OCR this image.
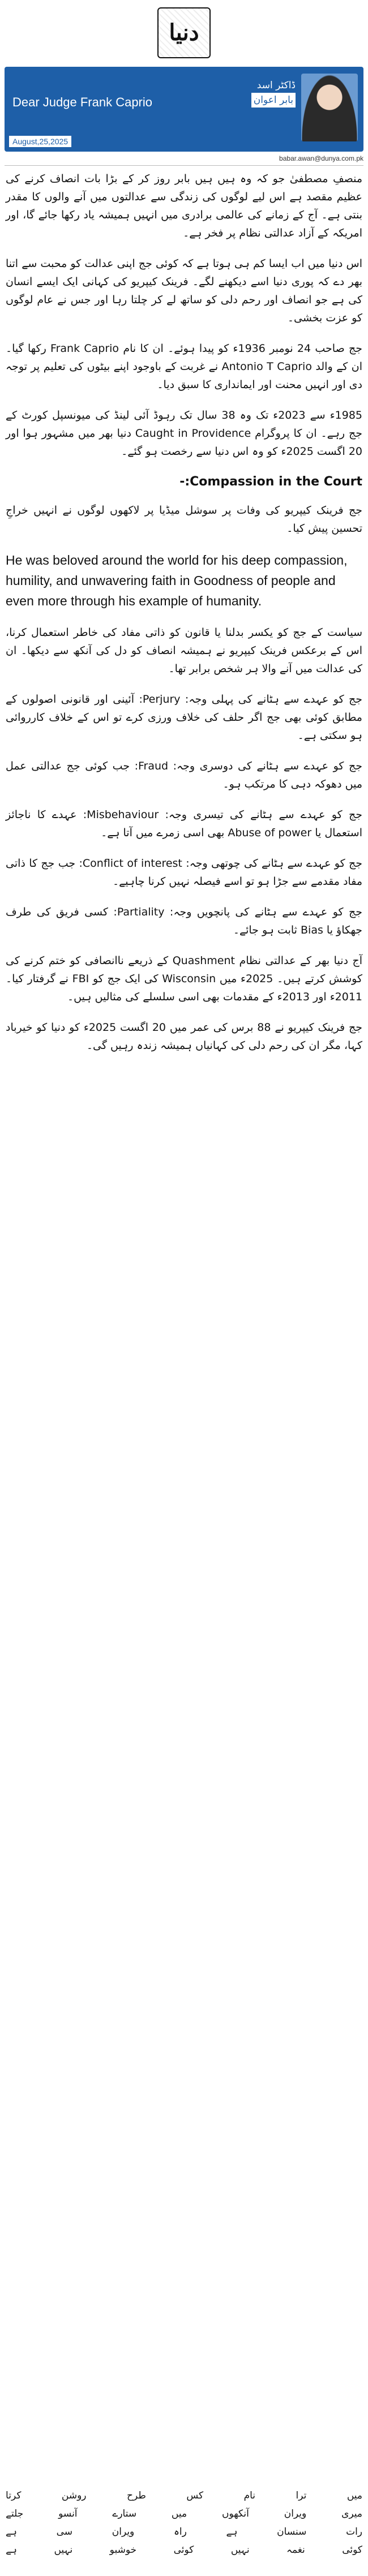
دنیا
Dear Judge Frank Caprio
August,25,2025
ڈاکٹر اسد
بابر اعوان
babar.awan@dunya.com.pk

منصفِ مصطفیٰ جو کہ وہ ہیں ہیں بابر روز کر کے بڑا بات انصاف کرنے کی عظیم مقصد ہے اس لیے لوگوں کی زندگی سے عدالتوں میں آنے والوں کا مقدر بنتی ہے۔ آج کے زمانے کی عالمی برادری میں انہیں ہمیشہ یاد رکھا جائے گا، اور امریکہ کے آزاد عدالتی نظام پر فخر ہے۔

اس دنیا میں اب ایسا کم ہی ہوتا ہے کہ کوئی جج اپنی عدالت کو محبت سے اتنا بھر دے کہ پوری دنیا اسے دیکھنے لگے۔ فرینک کیپریو کی کہانی ایک ایسے انسان کی ہے جو انصاف اور رحم دلی کو ساتھ لے کر چلتا رہا اور جس نے عام لوگوں کو عزت بخشی۔

جج صاحب 24 نومبر 1936ء کو پیدا ہوئے۔ ان کا نام Frank Caprio رکھا گیا۔ ان کے والد Antonio T Caprio نے غربت کے باوجود اپنے بیٹوں کی تعلیم پر توجہ دی اور انہیں محنت اور ایمانداری کا سبق دیا۔

1985ء سے 2023ء تک وہ 38 سال تک رہوڈ آئی لینڈ کی میونسپل کورٹ کے جج رہے۔ ان کا پروگرام Caught in Providence دنیا بھر میں مشہور ہوا اور 20 اگست 2025ء کو وہ اس دنیا سے رخصت ہو گئے۔

Compassion in the Court:-

جج فرینک کیپریو کی وفات پر سوشل میڈیا پر لاکھوں لوگوں نے انہیں خراجِ تحسین پیش کیا۔

He was beloved around the world for his deep compassion, humility, and unwavering faith in Goodness of people and even more through his example of humanity.

سیاست کے جج کو یکسر بدلنا یا قانون کو ذاتی مفاد کی خاطر استعمال کرنا، اس کے برعکس فرینک کیپریو نے ہمیشہ انصاف کو دل کی آنکھ سے دیکھا۔ ان کی عدالت میں آنے والا ہر شخص برابر تھا۔

جج کو عہدے سے ہٹانے کی پہلی وجہ: Perjury: آئینی اور قانونی اصولوں کے مطابق کوئی بھی جج اگر حلف کی خلاف ورزی کرے تو اس کے خلاف کارروائی ہو سکتی ہے۔

جج کو عہدے سے ہٹانے کی دوسری وجہ: Fraud: جب کوئی جج عدالتی عمل میں دھوکہ دہی کا مرتکب ہو۔

جج کو عہدے سے ہٹانے کی تیسری وجہ: Misbehaviour: عہدے کا ناجائز استعمال یا Abuse of power بھی اسی زمرے میں آتا ہے۔

جج کو عہدے سے ہٹانے کی چوتھی وجہ: Conflict of interest: جب جج کا ذاتی مفاد مقدمے سے جڑا ہو تو اسے فیصلہ نہیں کرنا چاہیے۔

جج کو عہدے سے ہٹانے کی پانچویں وجہ: Partiality: کسی فریق کی طرف جھکاؤ یا Bias ثابت ہو جائے۔

آج دنیا بھر کے عدالتی نظام Quashment کے ذریعے ناانصافی کو ختم کرنے کی کوشش کرتے ہیں۔ 2025ء میں Wisconsin کی ایک جج کو FBI نے گرفتار کیا۔ 2011ء اور 2013ء کے مقدمات بھی اسی سلسلے کی مثالیں ہیں۔

جج فرینک کیپریو نے 88 برس کی عمر میں 20 اگست 2025ء کو دنیا کو خیرباد کہا، مگر ان کی رحم دلی کی کہانیاں ہمیشہ زندہ رہیں گی۔

میں
ترا
نام
کس
طرح
روشن
کرتا
میری
ویران
آنکھوں
میں
ستارے
آنسو
جلتے
رات
سنسان
ہے
راہ
ویران
سی
ہے
کوئی
نغمہ
نہیں
کوئی
خوشبو
نہیں
ہے
